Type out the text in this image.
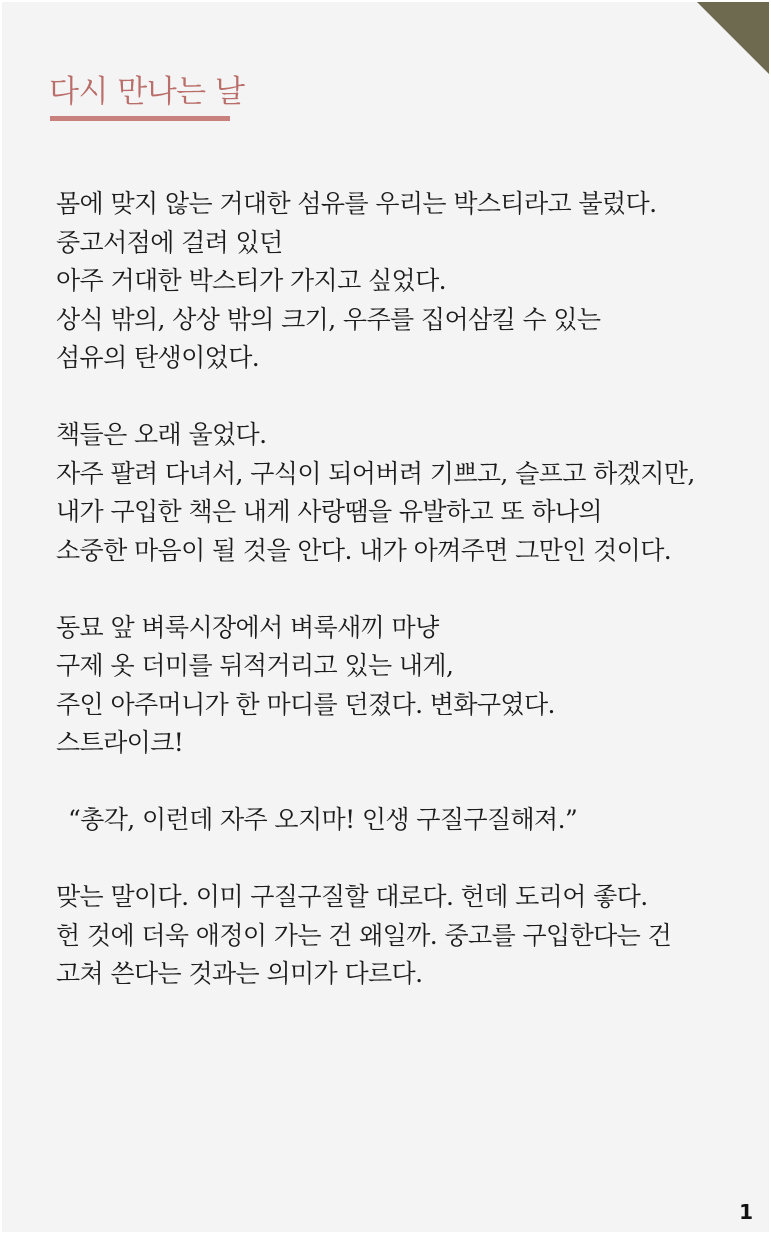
다시 만나는 날

몸에 맞지 않는 거대한 섬유를 우리는 박스티라고 불렀다.
중고서점에 걸려 있던
아주 거대한 박스티가 가지고 싶었다.
상식 밖의, 상상 밖의 크기, 우주를 집어삼킬 수 있는
섬유의 탄생이었다.

책들은 오래 울었다.
자주 팔려 다녀서, 구식이 되어버려 기쁘고, 슬프고 하겠지만,
내가 구입한 책은 내게 사랑땜을 유발하고 또 하나의
소중한 마음이 될 것을 안다. 내가 아껴주면 그만인 것이다.

동묘 앞 벼룩시장에서 벼룩새끼 마냥
구제 옷 더미를 뒤적거리고 있는 내게,
주인 아주머니가 한 마디를 던졌다. 변화구였다.
스트라이크!

“총각, 이런데 자주 오지마! 인생 구질구질해져.”

맞는 말이다. 이미 구질구질할 대로다. 헌데 도리어 좋다.
헌 것에 더욱 애정이 가는 건 왜일까. 중고를 구입한다는 건
고쳐 쓴다는 것과는 의미가 다르다.

1
